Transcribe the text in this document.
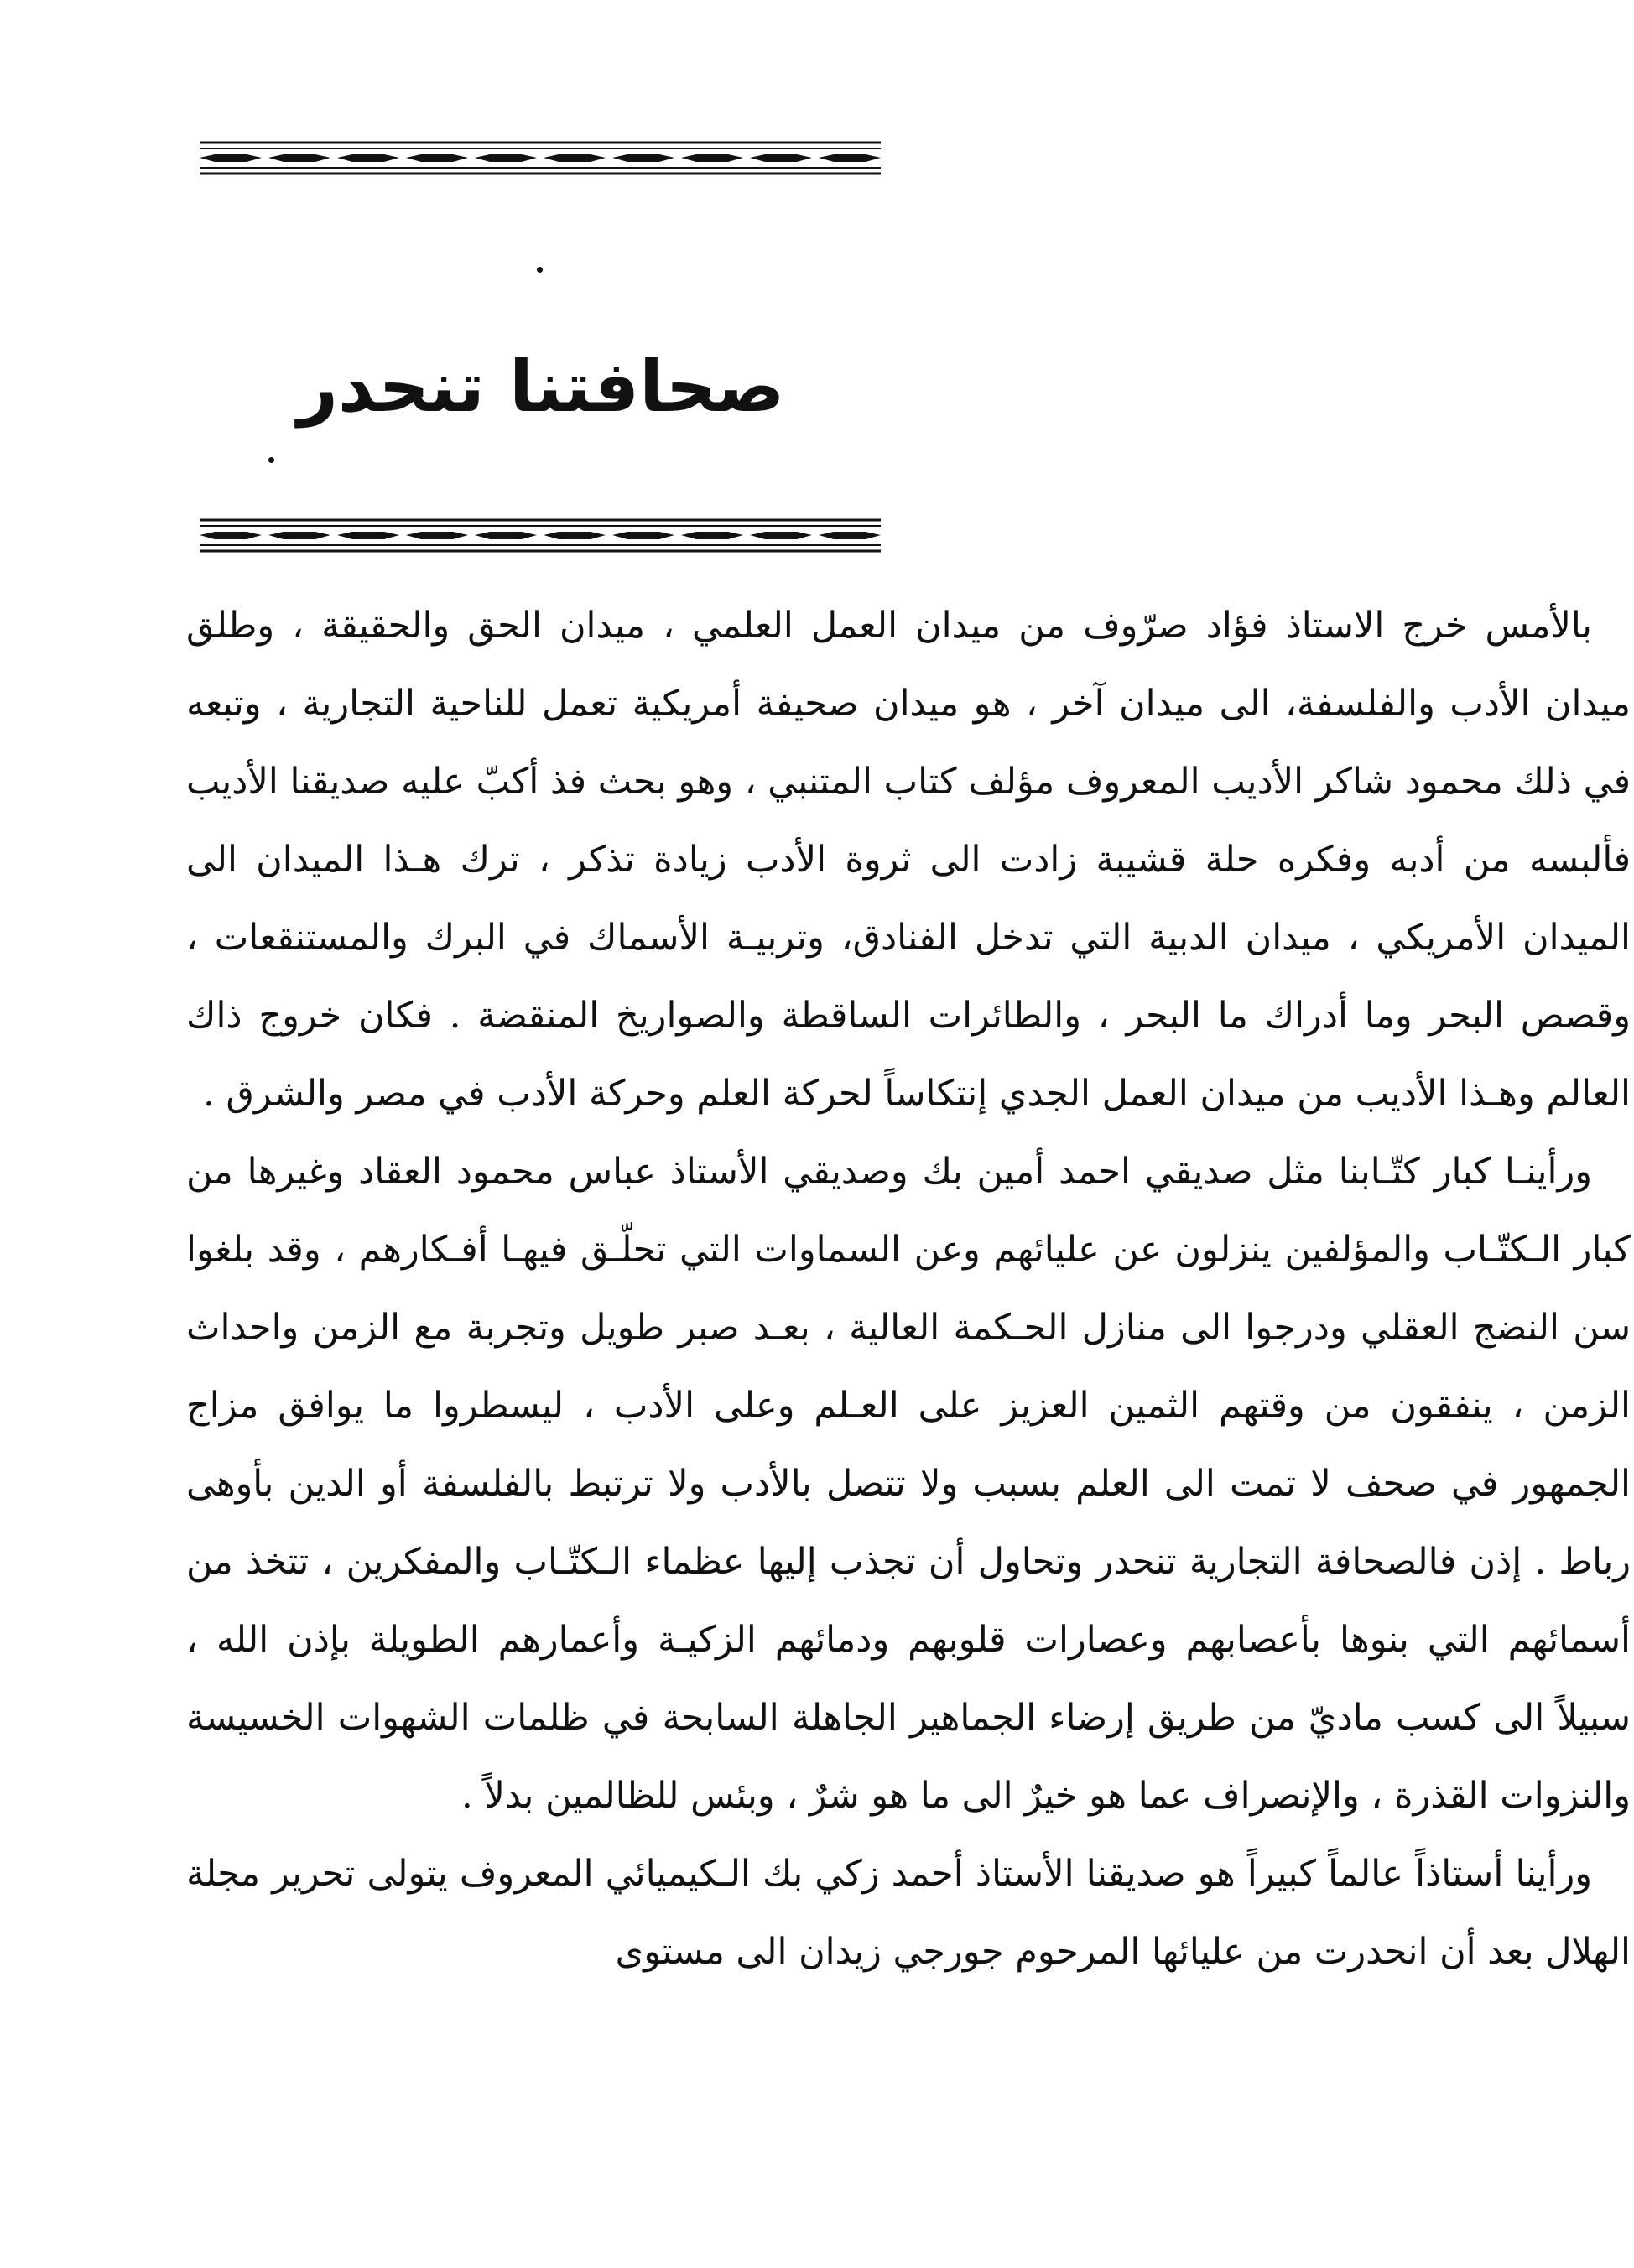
صحافتنا تنحدر

بالأمس خرج الاستاذ فؤاد صرّوف من ميدان العمل العلمي ، ميدان الحق والحقيقة ، وطلق ميدان الأدب والفلسفة، الى ميدان آخر ، هو ميدان صحيفة أمريكية تعمل للناحية التجارية ، وتبعه في ذلك محمود شاكر الأديب المعروف مؤلف كتاب المتنبي ، وهو بحث فذ أكبّ عليه صديقنا الأديب فألبسه من أدبه وفكره حلة قشيبة زادت الى ثروة الأدب زيادة تذكر ، ترك هـذا الميدان الى الميدان الأمريكي ، ميدان الدبية التي تدخل الفنادق، وتربيـة الأسماك في البرك والمستنقعات ، وقصص البحر وما أدراك ما البحر ، والطائرات الساقطة والصواريخ المنقضة . فكان خروج ذاك العالم وهـذا الأديب من ميدان العمل الجدي إنتكاساً لحركة العلم وحركة الأدب في مصر والشرق .

ورأينـا كبار كتّـابنا مثل صديقي احمد أمين بك وصديقي الأستاذ عباس محمود العقاد وغيرها من كبار الـكتّـاب والمؤلفين ينزلون عن عليائهم وعن السماوات التي تحلّـق فيهـا أفـكارهم ، وقد بلغوا سن النضج العقلي ودرجوا الى منازل الحـكمة العالية ، بعـد صبر طويل وتجربة مع الزمن واحداث الزمن ، ينفقون من وقتهم الثمين العزيز على العـلم وعلى الأدب ، ليسطروا ما يوافق مزاج الجمهور في صحف لا تمت الى العلم بسبب ولا تتصل بالأدب ولا ترتبط بالفلسفة أو الدين بأوهى رباط . إذن فالصحافة التجارية تنحدر وتحاول أن تجذب إليها عظماء الـكتّـاب والمفكرين ، تتخذ من أسمائهم التي بنوها بأعصابهم وعصارات قلوبهم ودمائهم الزكيـة وأعمارهم الطويلة بإذن الله ، سبيلاً الى كسب ماديّ من طريق إرضاء الجماهير الجاهلة السابحة في ظلمات الشهوات الخسيسة والنزوات القذرة ، والإنصراف عما هو خيرٌ الى ما هو شرٌ ، وبئس للظالمين بدلاً .

ورأينا أستاذاً عالماً كبيراً هو صديقنا الأستاذ أحمد زكي بك الـكيميائي المعروف يتولى تحرير مجلة الهلال بعد أن انحدرت من عليائها المرحوم جورجي زيدان الى مستوى
